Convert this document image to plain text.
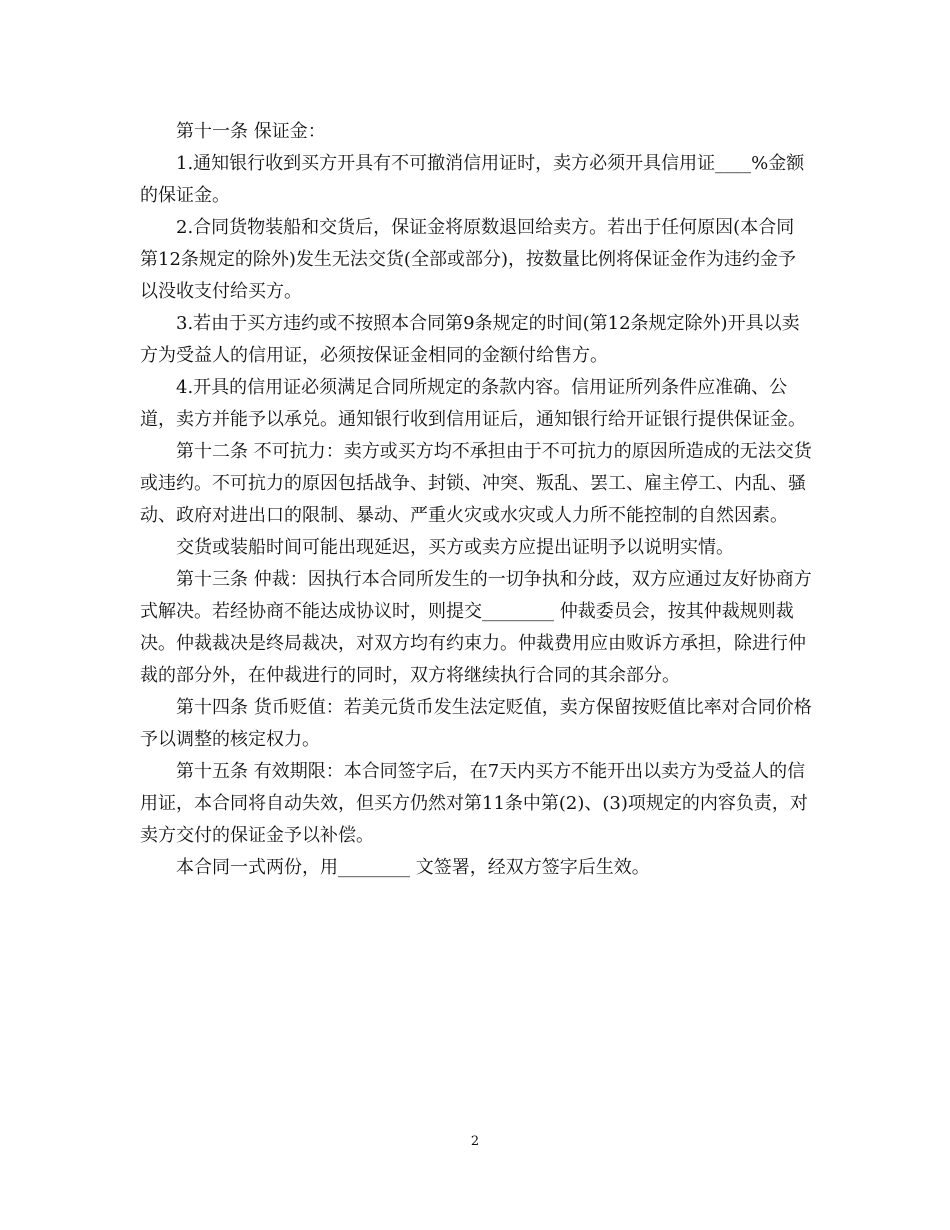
第十一条 保证金：

1.通知银行收到买方开具有不可撤消信用证时，卖方必须开具信用证____%金额的保证金。

2.合同货物装船和交货后，保证金将原数退回给卖方。若出于任何原因(本合同第12条规定的除外)发生无法交货(全部或部分)，按数量比例将保证金作为违约金予以没收支付给买方。

3.若由于买方违约或不按照本合同第9条规定的时间(第12条规定除外)开具以卖方为受益人的信用证，必须按保证金相同的金额付给售方。

4.开具的信用证必须满足合同所规定的条款内容。信用证所列条件应准确、公道，卖方并能予以承兑。通知银行收到信用证后，通知银行给开证银行提供保证金。

第十二条 不可抗力：卖方或买方均不承担由于不可抗力的原因所造成的无法交货或违约。不可抗力的原因包括战争、封锁、冲突、叛乱、罢工、雇主停工、内乱、骚动、政府对进出口的限制、暴动、严重火灾或水灾或人力所不能控制的自然因素。

交货或装船时间可能出现延迟，买方或卖方应提出证明予以说明实情。

第十三条 仲裁：因执行本合同所发生的一切争执和分歧，双方应通过友好协商方式解决。若经协商不能达成协议时，则提交________ 仲裁委员会，按其仲裁规则裁决。仲裁裁决是终局裁决，对双方均有约束力。仲裁费用应由败诉方承担，除进行仲裁的部分外，在仲裁进行的同时，双方将继续执行合同的其余部分。

第十四条 货币贬值：若美元货币发生法定贬值，卖方保留按贬值比率对合同价格予以调整的核定权力。

第十五条 有效期限：本合同签字后，在7天内买方不能开出以卖方为受益人的信用证，本合同将自动失效，但买方仍然对第11条中第(2)、(3)项规定的内容负责，对卖方交付的保证金予以补偿。

本合同一式两份，用________ 文签署，经双方签字后生效。

2
